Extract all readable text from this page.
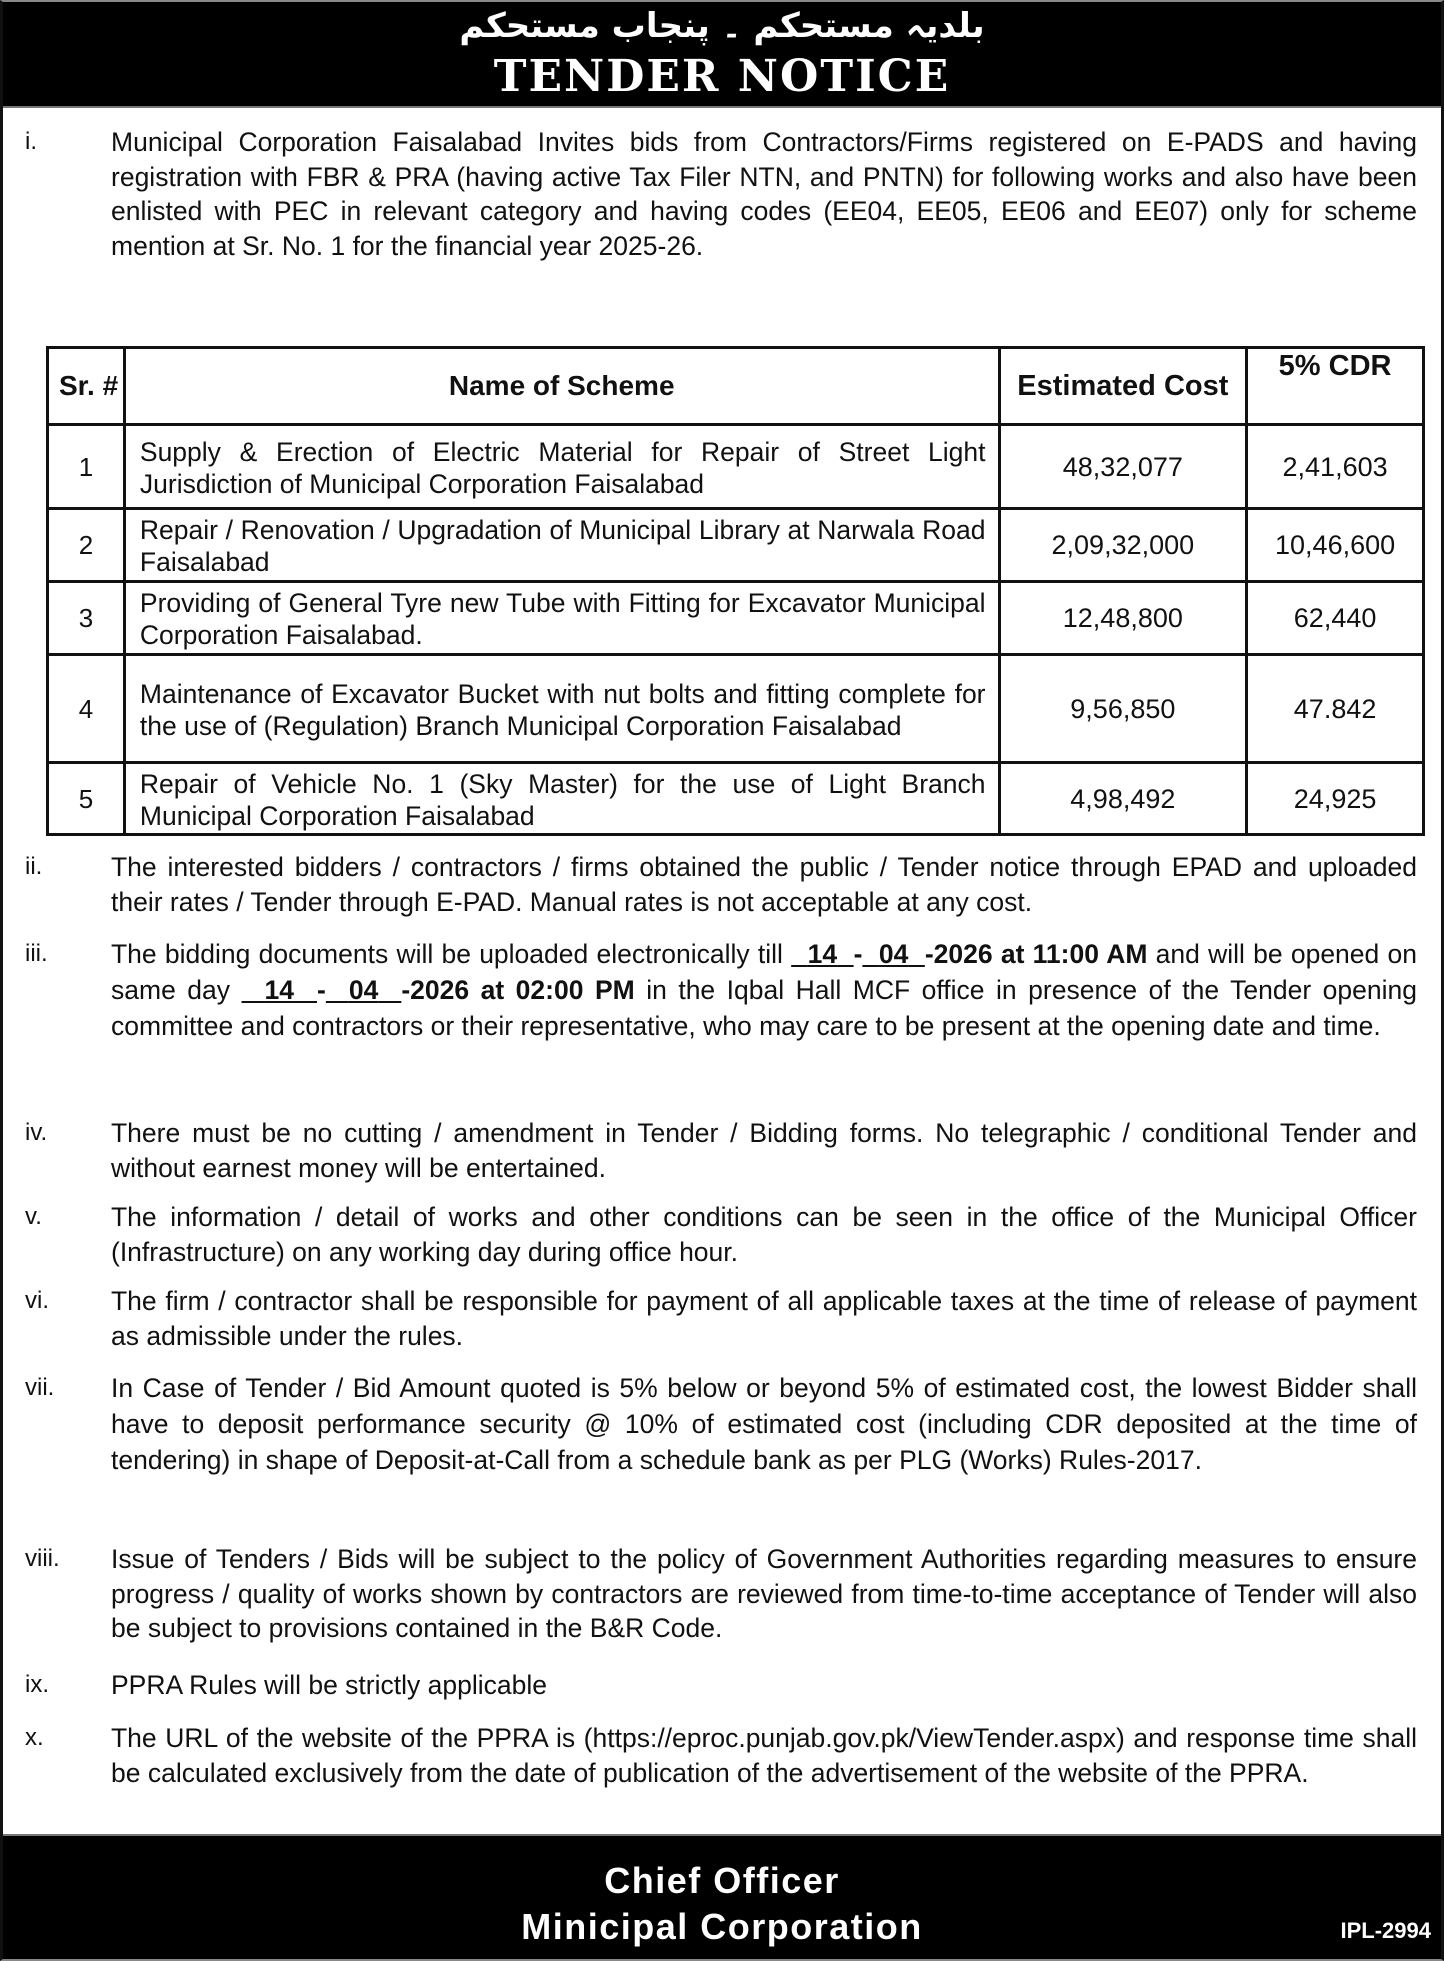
بلدیہ مستحکم ۔ پنجاب مستحکم
TENDER NOTICE
i.	Municipal Corporation Faisalabad Invites bids from Contractors/Firms registered on E-PADS and having registration with FBR & PRA (having active Tax Filer NTN, and PNTN) for following works and also have been enlisted with PEC in relevant category and having codes (EE04, EE05, EE06 and EE07) only for scheme mention at Sr. No. 1 for the financial year 2025-26.
Sr. #	Name of Scheme	Estimated Cost	5% CDR
1	Supply & Erection of Electric Material for Repair of Street Light Jurisdiction of Municipal Corporation Faisalabad	48,32,077	2,41,603
2	Repair / Renovation / Upgradation of Municipal Library at Narwala Road Faisalabad	2,09,32,000	10,46,600
3	Providing of General Tyre new Tube with Fitting for Excavator Municipal Corporation Faisalabad.	12,48,800	62,440
4	Maintenance of Excavator Bucket with nut bolts and fitting complete for the use of (Regulation) Branch Municipal Corporation Faisalabad	9,56,850	47.842
5	Repair of Vehicle No. 1 (Sky Master) for the use of Light Branch Municipal Corporation Faisalabad	4,98,492	24,925
ii.	The interested bidders / contractors / firms obtained the public / Tender notice through EPAD and uploaded their rates / Tender through E-PAD. Manual rates is not acceptable at any cost.
iii.	The bidding documents will be uploaded electronically till   14 - 04 -2026 at 11:00 AM and will be opened on same day   14 - 04 -2026 at 02:00 PM in the Iqbal Hall MCF office in presence of the Tender opening committee and contractors or their representative, who may care to be present at the opening date and time.
iv.	There must be no cutting / amendment in Tender / Bidding forms. No telegraphic / conditional Tender and without earnest money will be entertained.
v.	The information / detail of works and other conditions can be seen in the office of the Municipal Officer (Infrastructure) on any working day during office hour.
vi.	The firm / contractor shall be responsible for payment of all applicable taxes at the time of release of payment as admissible under the rules.
vii.	In Case of Tender / Bid Amount quoted is 5% below or beyond 5% of estimated cost, the lowest Bidder shall have to deposit performance security @ 10% of estimated cost (including CDR deposited at the time of tendering) in shape of Deposit-at-Call from a schedule bank as per PLG (Works) Rules-2017.
viii.	Issue of Tenders / Bids will be subject to the policy of Government Authorities regarding measures to ensure progress / quality of works shown by contractors are reviewed from time-to-time acceptance of Tender will also be subject to provisions contained in the B&R Code.
ix.	PPRA Rules will be strictly applicable
x.	The URL of the website of the PPRA is (https://eproc.punjab.gov.pk/ViewTender.aspx) and response time shall be calculated exclusively from the date of publication of the advertisement of the website of the PPRA.
Chief Officer
Minicipal Corporation	IPL-2994
